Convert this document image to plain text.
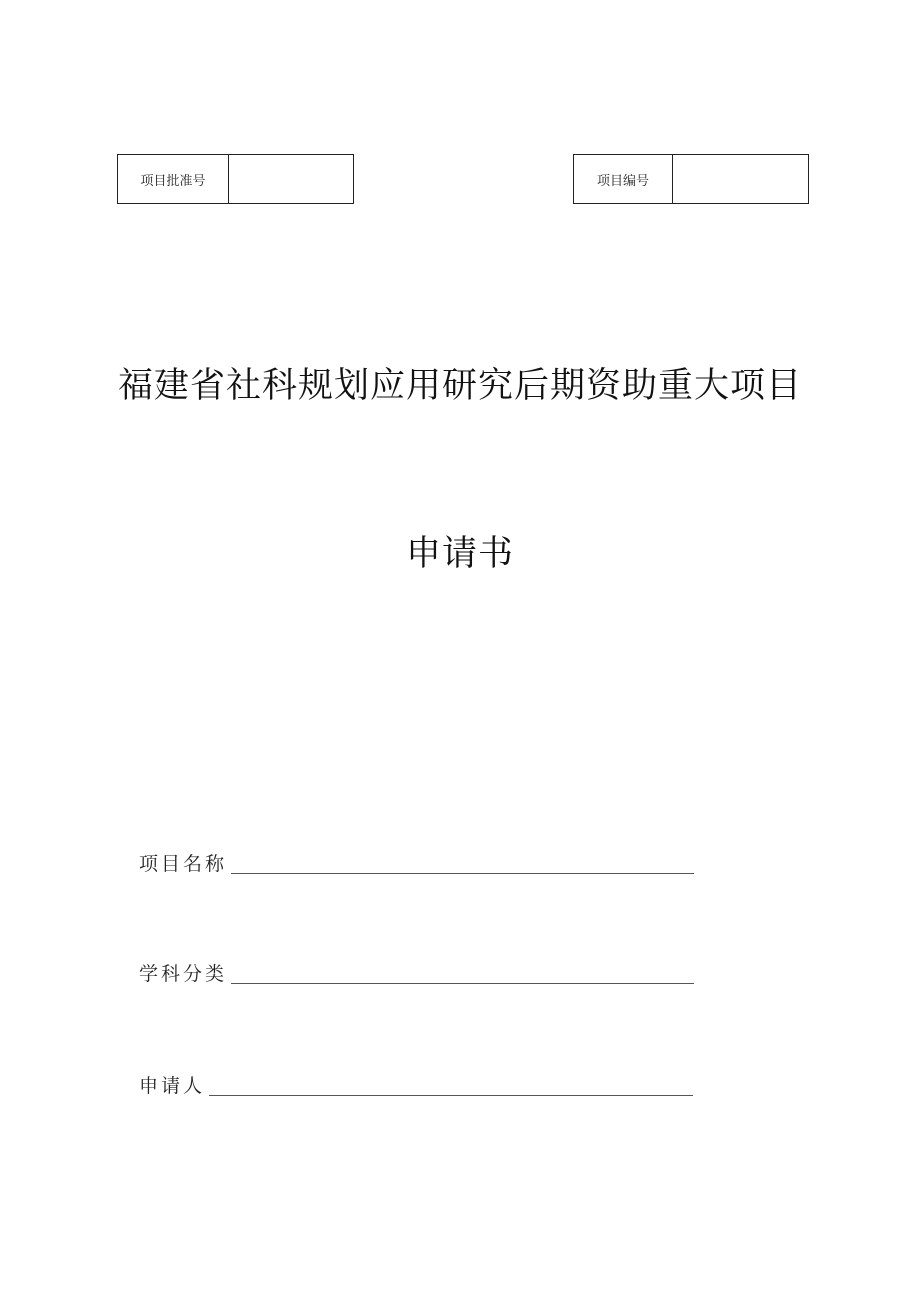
项目批准号	项目编号
福建省社科规划应用研究后期资助重大项目
申请书
项目名称
学科分类
申请人
